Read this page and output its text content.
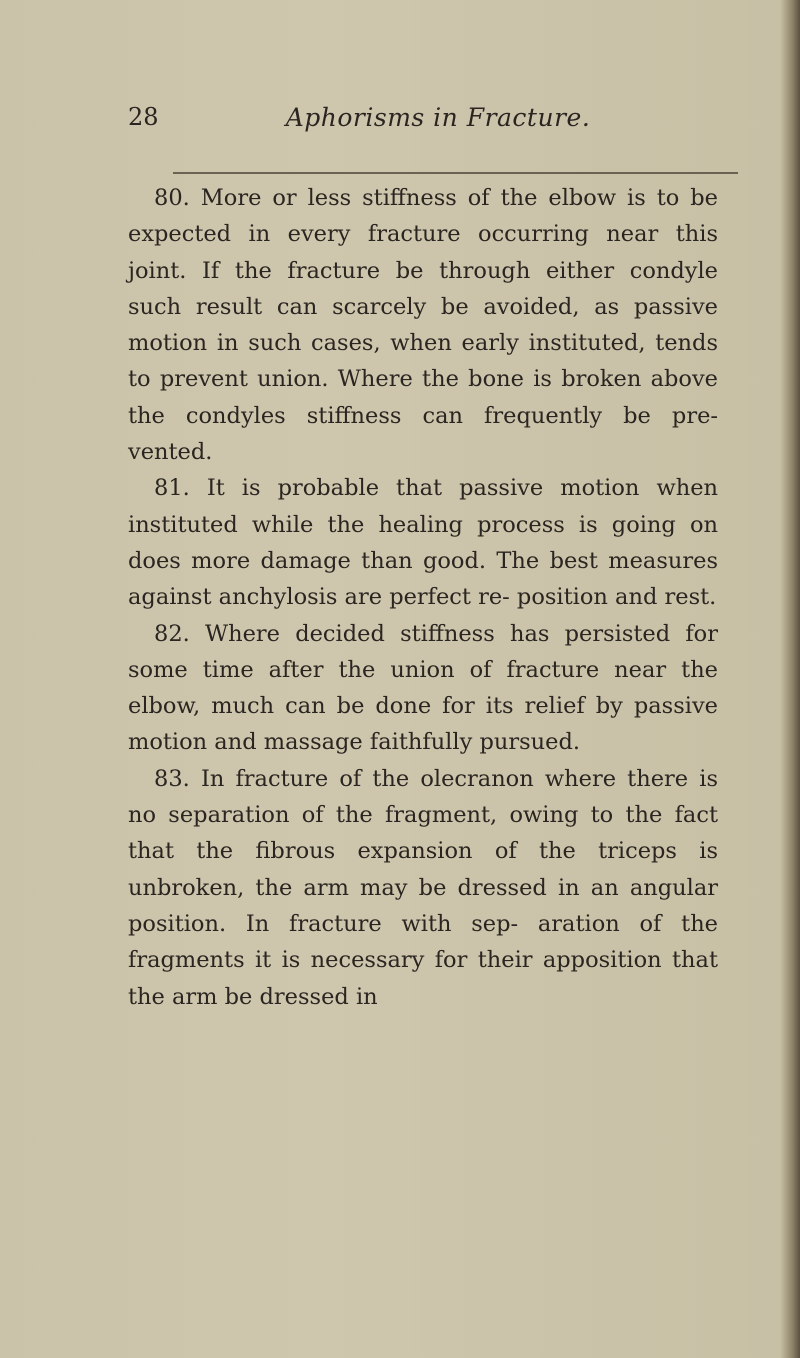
28	Aphorisms in Fracture.

80. More or less stiffness of the elbow is to be expected in every fracture occurring near this joint. If the fracture be through either condyle such result can scarcely be avoided, as passive motion in such cases, when early instituted, tends to prevent union. Where the bone is broken above the condyles stiffness can frequently be pre- vented.

81. It is probable that passive motion when instituted while the healing process is going on does more damage than good. The best measures against anchylosis are perfect re- position and rest.

82. Where decided stiffness has persisted for some time after the union of fracture near the elbow, much can be done for its relief by passive motion and massage faithfully pursued.

83. In fracture of the olecranon where there is no separation of the fragment, owing to the fact that the fibrous expansion of the triceps is unbroken, the arm may be dressed in an angular position. In fracture with sep- aration of the fragments it is necessary for their apposition that the arm be dressed in
